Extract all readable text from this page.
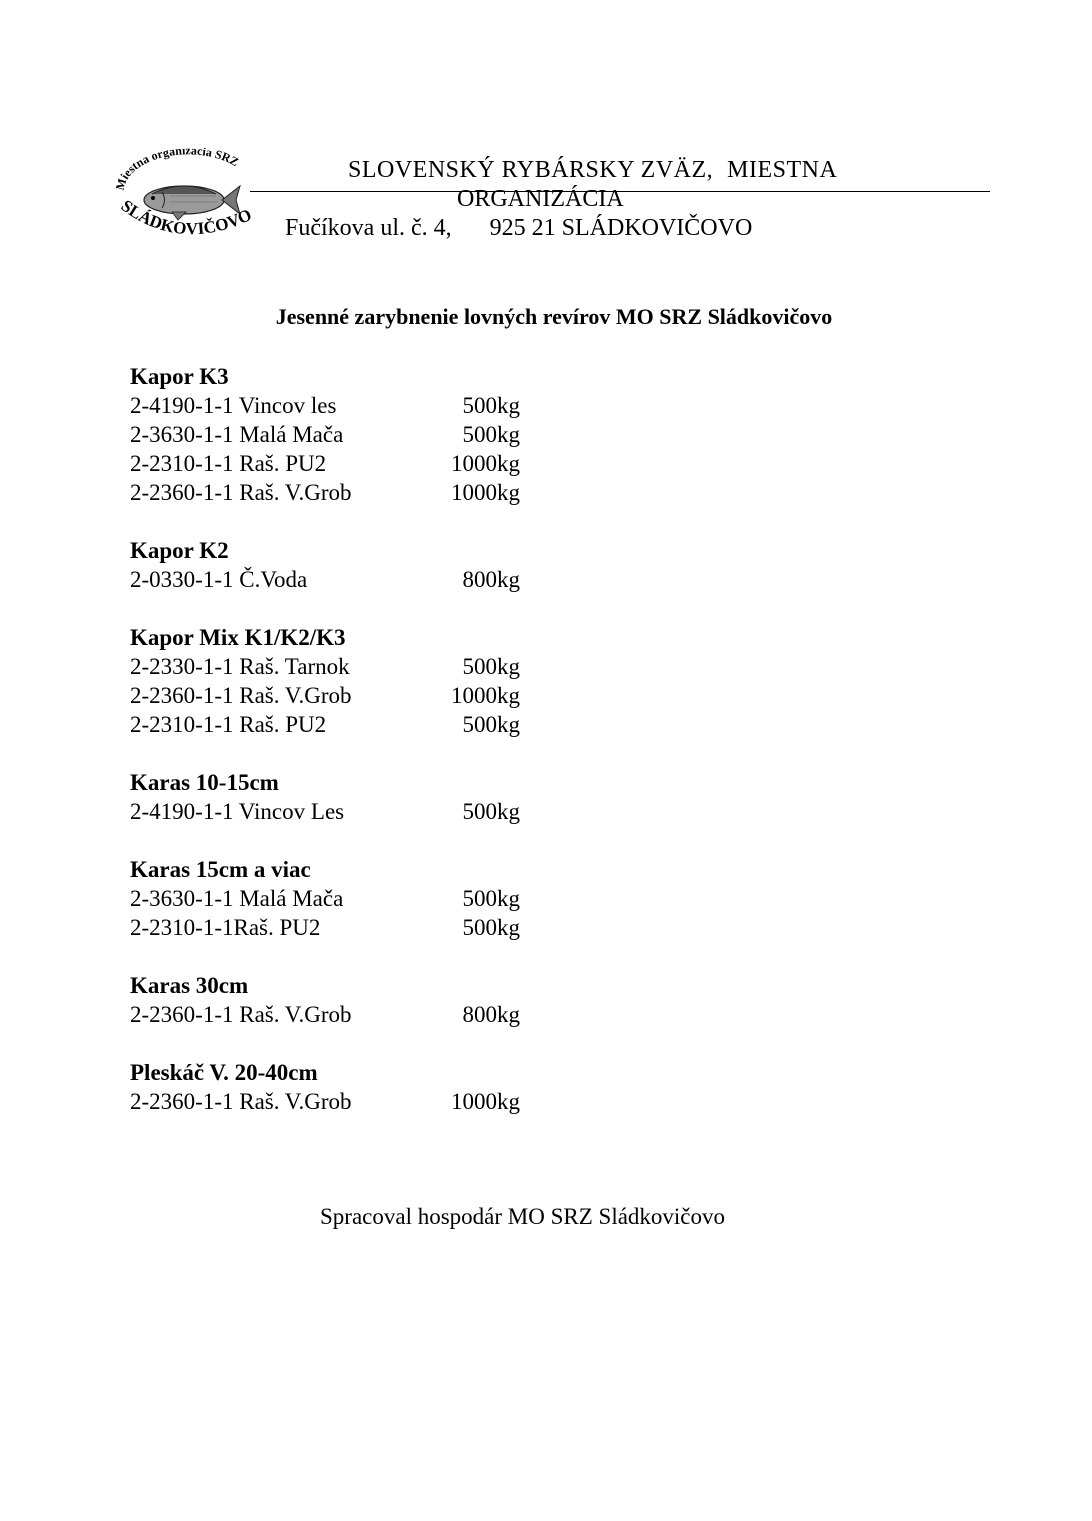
Miestna organizácia SRZ
SLÁDKOVIČOVO
SLOVENSKÝ RYBÁRSKY ZVÄZ, MIESTNA
ORGANIZÁCIA
Fučíkova ul. č. 4, 925 21 SLÁDKOVIČOVO
Jesenné zarybnenie lovných revírov MO SRZ Sládkovičovo
Kapor K3
2-4190-1-1 Vincov les	500kg
2-3630-1-1 Malá Mača	500kg
2-2310-1-1 Raš. PU2	1000kg
2-2360-1-1 Raš. V.Grob	1000kg
Kapor K2
2-0330-1-1 Č.Voda	800kg
Kapor Mix K1/K2/K3
2-2330-1-1 Raš. Tarnok	500kg
2-2360-1-1 Raš. V.Grob	1000kg
2-2310-1-1 Raš. PU2	500kg
Karas 10-15cm
2-4190-1-1 Vincov Les	500kg
Karas 15cm a viac
2-3630-1-1 Malá Mača	500kg
2-2310-1-1Raš. PU2	500kg
Karas 30cm
2-2360-1-1 Raš. V.Grob	800kg
Pleskáč V. 20-40cm
2-2360-1-1 Raš. V.Grob	1000kg
Spracoval hospodár MO SRZ Sládkovičovo
